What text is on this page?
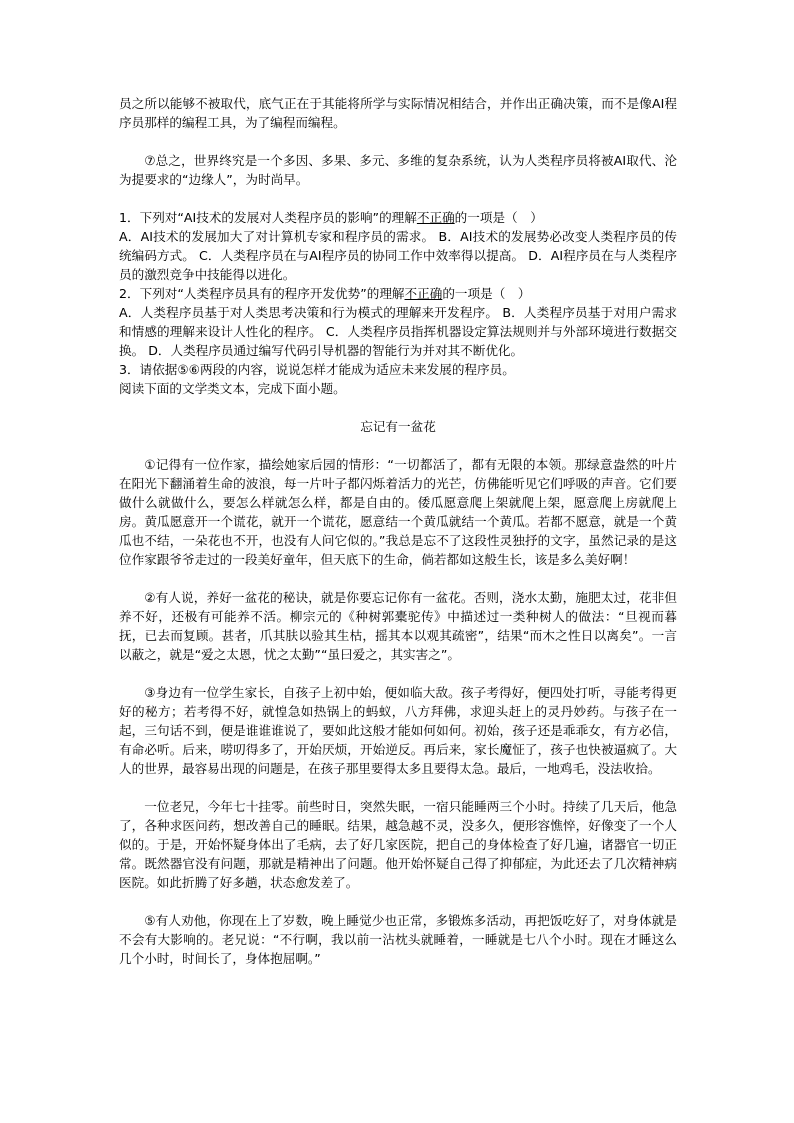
员之所以能够不被取代，底气正在于其能将所学与实际情况相结合，并作出正确决策，而不是像AI程序员那样的编程工具，为了编程而编程。

⑦总之，世界终究是一个多因、多果、多元、多维的复杂系统，认为人类程序员将被AI取代、沦为提要求的“边缘人”，为时尚早。

1．下列对“AI技术的发展对人类程序员的影响”的理解不正确的一项是（　）

A．AI技术的发展加大了对计算机专家和程序员的需求。 B．AI技术的发展势必改变人类程序员的传统编码方式。 C．人类程序员在与AI程序员的协同工作中效率得以提高。 D．AI程序员在与人类程序员的激烈竞争中技能得以进化。

2．下列对“人类程序员具有的程序开发优势”的理解不正确的一项是（　）

A．人类程序员基于对人类思考决策和行为模式的理解来开发程序。 B．人类程序员基于对用户需求和情感的理解来设计人性化的程序。 C．人类程序员指挥机器设定算法规则并与外部环境进行数据交换。 D．人类程序员通过编写代码引导机器的智能行为并对其不断优化。

3．请依据⑤⑥两段的内容，说说怎样才能成为适应未来发展的程序员。

阅读下面的文学类文本，完成下面小题。

忘记有一盆花

①记得有一位作家，描绘她家后园的情形：“一切都活了，都有无限的本领。那绿意盎然的叶片在阳光下翻涌着生命的波浪，每一片叶子都闪烁着活力的光芒，仿佛能听见它们呼吸的声音。它们要做什么就做什么，要怎么样就怎么样，都是自由的。倭瓜愿意爬上架就爬上架，愿意爬上房就爬上房。黄瓜愿意开一个谎花，就开一个谎花，愿意结一个黄瓜就结一个黄瓜。若都不愿意，就是一个黄瓜也不结，一朵花也不开，也没有人问它似的。”我总是忘不了这段性灵独抒的文字，虽然记录的是这位作家跟爷爷走过的一段美好童年，但天底下的生命，倘若都如这般生长，该是多么美好啊！

②有人说，养好一盆花的秘诀，就是你要忘记你有一盆花。否则，浇水太勤，施肥太过，花非但养不好，还极有可能养不活。柳宗元的《种树郭橐驼传》中描述过一类种树人的做法：“旦视而暮抚，已去而复顾。甚者，爪其肤以验其生枯，摇其本以观其疏密”，结果“而木之性日以离矣”。一言以蔽之，就是“爱之太恩，忧之太勤”“虽曰爱之，其实害之”。

③身边有一位学生家长，自孩子上初中始，便如临大敌。孩子考得好，便四处打听，寻能考得更好的秘方；若考得不好，就惶急如热锅上的蚂蚁，八方拜佛，求迎头赶上的灵丹妙药。与孩子在一起，三句话不到，便是谁谁谁说了，要如此这般才能如何如何。初始，孩子还是乖乖女，有方必信，有命必听。后来，唠叨得多了，开始厌烦，开始逆反。再后来，家长魔怔了，孩子也快被逼疯了。大人的世界，最容易出现的问题是，在孩子那里要得太多且要得太急。最后，一地鸡毛，没法收拾。

一位老兄，今年七十挂零。前些时日，突然失眠，一宿只能睡两三个小时。持续了几天后，他急了，各种求医问药，想改善自己的睡眠。结果，越急越不灵，没多久，便形容憔悴，好像变了一个人似的。于是，开始怀疑身体出了毛病，去了好几家医院，把自己的身体检查了好几遍，诸器官一切正常。既然器官没有问题，那就是精神出了问题。他开始怀疑自己得了抑郁症，为此还去了几次精神病医院。如此折腾了好多趟，状态愈发差了。

⑤有人劝他，你现在上了岁数，晚上睡觉少也正常，多锻炼多活动，再把饭吃好了，对身体就是不会有大影响的。老兄说：“不行啊，我以前一沾枕头就睡着，一睡就是七八个小时。现在才睡这么几个小时，时间长了，身体抱屈啊。”
